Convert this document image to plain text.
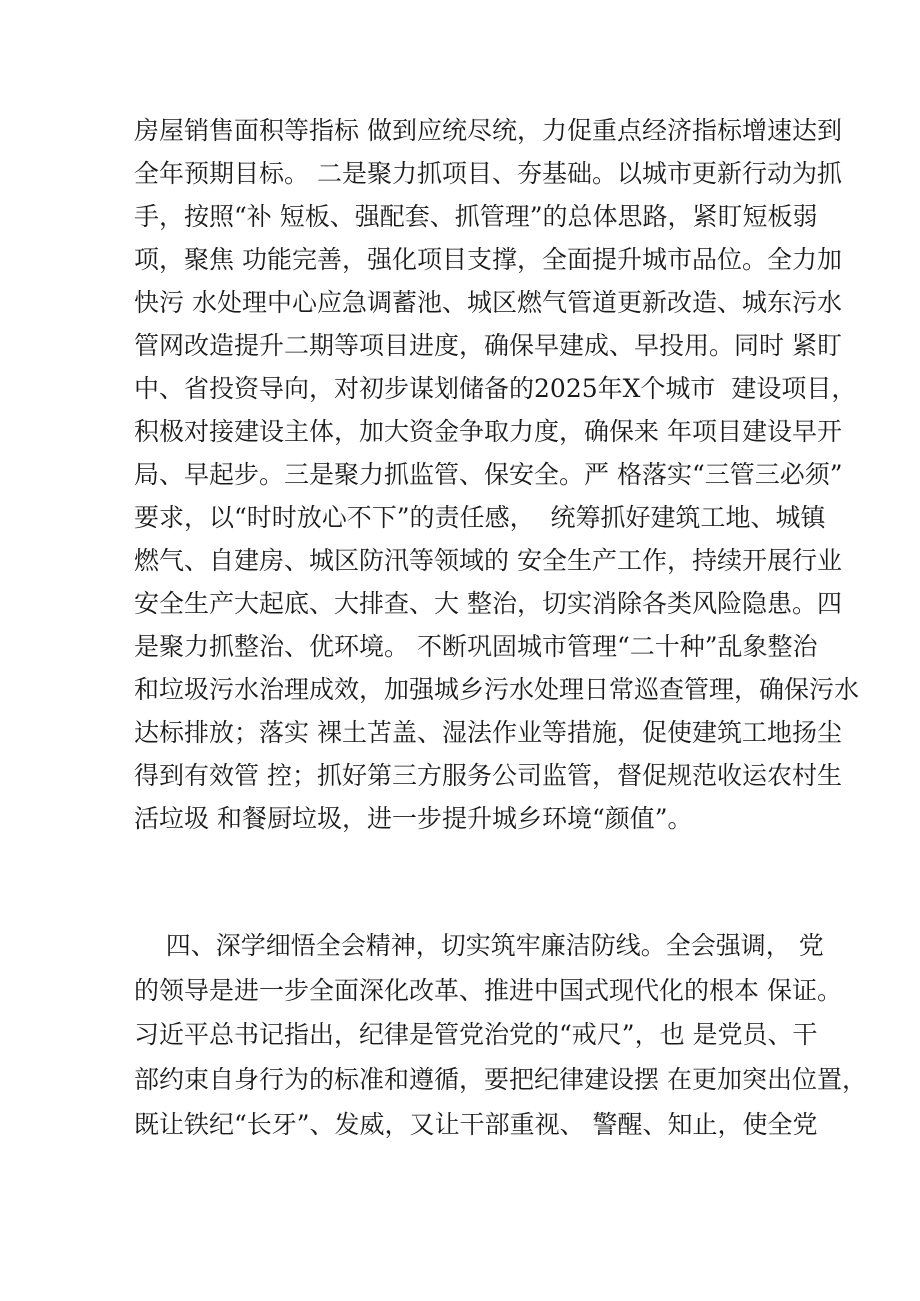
房屋销售面积等指标 做到应统尽统，力促重点经济指标增速达到
全年预期目标。 二是聚力抓项目、夯基础。以城市更新行动为抓
手，按照“补 短板、强配套、抓管理”的总体思路，紧盯短板弱
项，聚焦 功能完善，强化项目支撑，全面提升城市品位。全力加
快污 水处理中心应急调蓄池、城区燃气管道更新改造、城东污水
管网改造提升二期等项目进度，确保早建成、早投用。同时 紧盯
中、省投资导向，对初步谋划储备的2025年X个城市  建设项目，
积极对接建设主体，加大资金争取力度，确保来 年项目建设早开
局、早起步。三是聚力抓监管、保安全。严 格落实“三管三必须”
要求，以“时时放心不下”的责任感，  统筹抓好建筑工地、城镇
燃气、自建房、城区防汛等领域的 安全生产工作，持续开展行业
安全生产大起底、大排查、大 整治，切实消除各类风险隐患。四
是聚力抓整治、优环境。 不断巩固城市管理“二十种”乱象整治
和垃圾污水治理成效，加强城乡污水处理日常巡查管理，确保污水
达标排放；落实 裸土苫盖、湿法作业等措施，促使建筑工地扬尘
得到有效管 控；抓好第三方服务公司监管，督促规范收运农村生
活垃圾 和餐厨垃圾，进一步提升城乡环境“颜值”。
四、深学细悟全会精神，切实筑牢廉洁防线。全会强调， 党
的领导是进一步全面深化改革、推进中国式现代化的根本 保证。
习近平总书记指出，纪律是管党治党的“戒尺”，也 是党员、干
部约束自身行为的标准和遵循，要把纪律建设摆 在更加突出位置，
既让铁纪“长牙”、发威，又让干部重视、 警醒、知止，使全党
